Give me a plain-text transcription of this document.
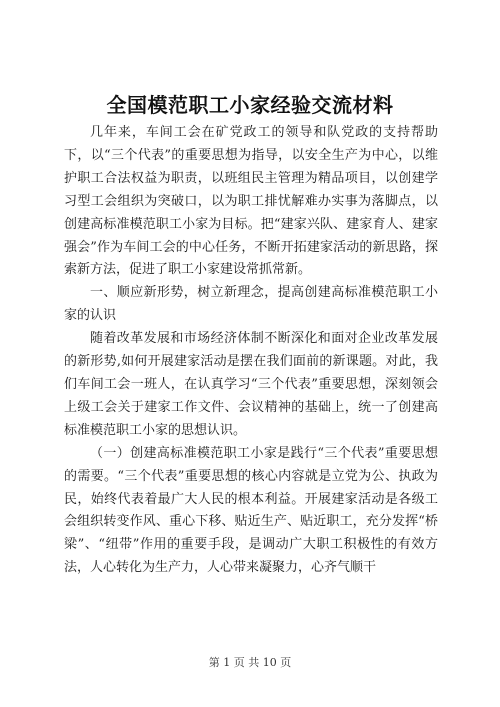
全国模范职工小家经验交流材料

几年来，车间工会在矿党政工的领导和队党政的支持帮助下，以“三个代表”的重要思想为指导，以安全生产为中心，以维护职工合法权益为职责，以班组民主管理为精品项目，以创建学习型工会组织为突破口，以为职工排忧解难办实事为落脚点，以创建高标准模范职工小家为目标。把“建家兴队、建家育人、建家强会”作为车间工会的中心任务，不断开拓建家活动的新思路，探索新方法，促进了职工小家建设常抓常新。

一、顺应新形势，树立新理念，提高创建高标准模范职工小家的认识

随着改革发展和市场经济体制不断深化和面对企业改革发展的新形势,如何开展建家活动是摆在我们面前的新课题。对此，我们车间工会一班人，在认真学习“三个代表”重要思想，深刻领会上级工会关于建家工作文件、会议精神的基础上，统一了创建高标准模范职工小家的思想认识。

（一）创建高标准模范职工小家是践行“三个代表”重要思想的需要。“三个代表”重要思想的核心内容就是立党为公、执政为民，始终代表着最广大人民的根本利益。开展建家活动是各级工会组织转变作风、重心下移、贴近生产、贴近职工，充分发挥“桥梁”、“纽带”作用的重要手段，是调动广大职工积极性的有效方法，人心转化为生产力，人心带来凝聚力，心齐气顺干

第 1 页 共 10 页
